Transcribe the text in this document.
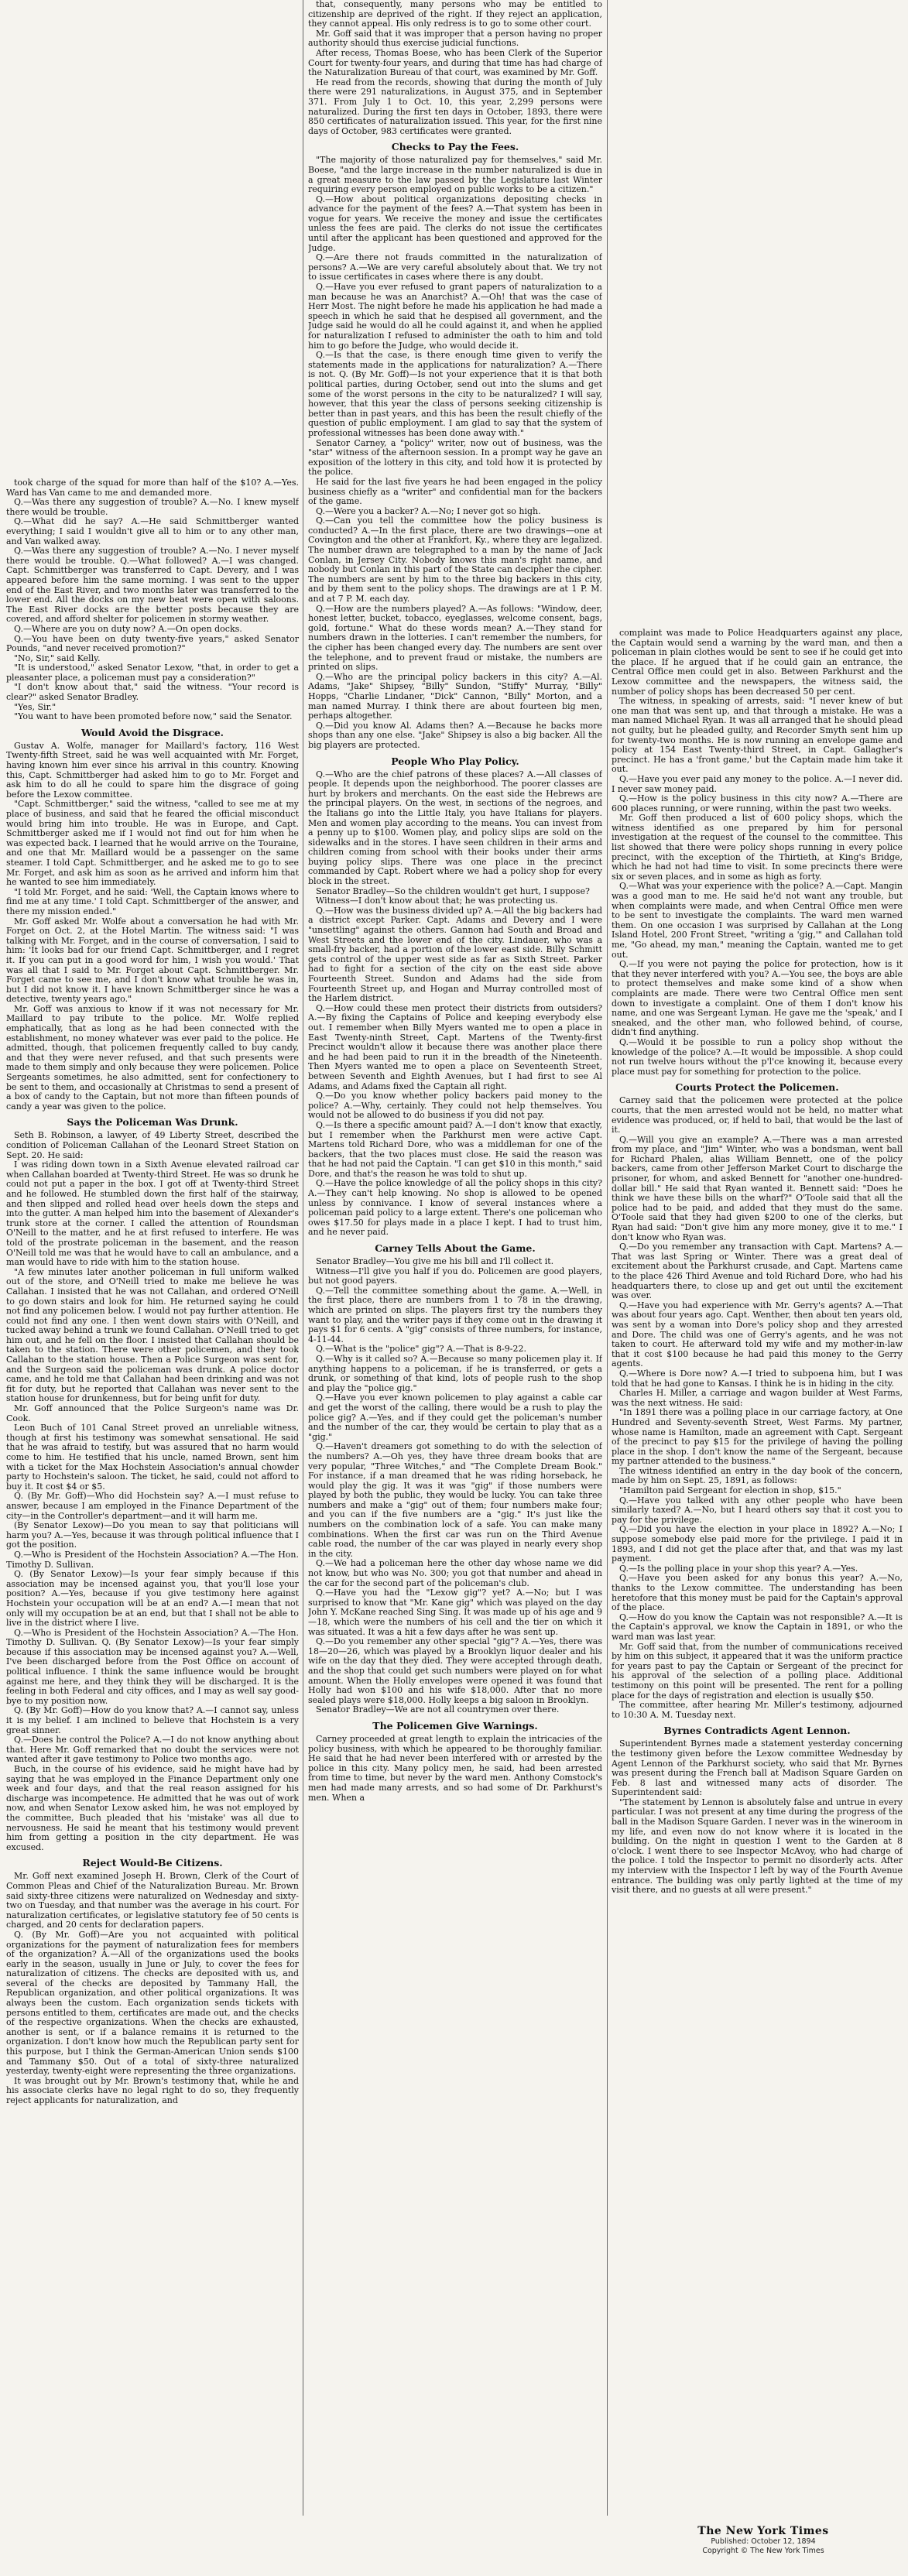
took charge of the squad for more than half of the $10? A.—Yes. Ward has Van came to me and demanded more.

Q.—Was there any suggestion of trouble? A.—No. I knew myself there would be trouble.

Q.—What did he say? A.—He said Schmittberger wanted everything; I said I wouldn't give all to him or to any other man, and Van walked away.

Q.—Was there any suggestion of trouble? A.—No. I never myself there would be trouble. Q.—What followed? A.—I was changed. Capt. Schmittberger was transferred to Capt. Devery, and I was appeared before him the same morning. I was sent to the upper end of the East River, and two months later was transferred to the lower end. All the docks on my new beat were open with saloons. The East River docks are the better posts because they are covered, and afford shelter for policemen in stormy weather.

Q.—Where are you on duty now? A.—On open docks.

Q.—You have been on duty twenty-five years," asked Senator Pounds, "and never received promotion?"

"No, Sir," said Kelly.

"It is understood," asked Senator Lexow, "that, in order to get a pleasanter place, a policeman must pay a consideration?"

"I don't know about that," said the witness. "Your record is clear?" asked Senator Bradley.

"Yes, Sir."

"You want to have been promoted before now," said the Senator.

Would Avoid the Disgrace.

Gustav A. Wolfe, manager for Maillard's factory, 116 West Twenty-fifth Street, said he was well acquainted with Mr. Forget, having known him ever since his arrival in this country. Knowing this, Capt. Schmittberger had asked him to go to Mr. Forget and ask him to do all he could to spare him the disgrace of going before the Lexow committee.

"Capt. Schmittberger," said the witness, "called to see me at my place of business, and said that he feared the official misconduct would bring him into trouble. He was in Europe, and Capt. Schmittberger asked me if I would not find out for him when he was expected back. I learned that he would arrive on the Touraine, and one that Mr. Maillard would be a passenger on the same steamer. I told Capt. Schmittberger, and he asked me to go to see Mr. Forget, and ask him as soon as he arrived and inform him that he wanted to see him immediately.

"I told Mr. Forget, and he said: 'Well, the Captain knows where to find me at any time.' I told Capt. Schmittberger of the answer, and there my mission ended."

Mr. Goff asked Mr. Wolfe about a conversation he had with Mr. Forget on Oct. 2, at the Hotel Martin. The witness said: "I was talking with Mr. Forget, and in the course of conversation, I said to him: 'It looks bad for our friend Capt. Schmittberger, and I regret it. If you can put in a good word for him, I wish you would.' That was all that I said to Mr. Forget about Capt. Schmittberger. Mr. Forget came to see me, and I don't know what trouble he was in, but I did not know it. I have known Schmittberger since he was a detective, twenty years ago."

Mr. Goff was anxious to know if it was not necessary for Mr. Maillard to pay tribute to the police. Mr. Wolfe replied emphatically, that as long as he had been connected with the establishment, no money whatever was ever paid to the police. He admitted, though, that policemen frequently called to buy candy, and that they were never refused, and that such presents were made to them simply and only because they were policemen. Police Sergeants sometimes, he also admitted, sent for confectionery to be sent to them, and occasionally at Christmas to send a present of a box of candy to the Captain, but not more than fifteen pounds of candy a year was given to the police.

Says the Policeman Was Drunk.

Seth B. Robinson, a lawyer, of 49 Liberty Street, described the condition of Policeman Callahan of the Leonard Street Station on Sept. 20. He said:

I was riding down town in a Sixth Avenue elevated railroad car when Callahan boarded at Twenty-third Street. He was so drunk he could not put a paper in the box. I got off at Twenty-third Street and he followed. He stumbled down the first half of the stairway, and then slipped and rolled head over heels down the steps and into the gutter. A man helped him into the basement of Alexander's trunk store at the corner. I called the attention of Roundsman O'Neill to the matter, and he at first refused to interfere. He was told of the prostrate policeman in the basement, and the reason O'Neill told me was that he would have to call an ambulance, and a man would have to ride with him to the station house.

"A few minutes later another policeman in full uniform walked out of the store, and O'Neill tried to make me believe he was Callahan. I insisted that he was not Callahan, and ordered O'Neill to go down stairs and look for him. He returned saying he could not find any policemen below. I would not pay further attention. He could not find any one. I then went down stairs with O'Neill, and tucked away behind a trunk we found Callahan. O'Neill tried to get him out, and he fell on the floor. I insisted that Callahan should be taken to the station. There were other policemen, and they took Callahan to the station house. Then a Police Surgeon was sent for, and the Surgeon said the policeman was drunk. A police doctor came, and he told me that Callahan had been drinking and was not fit for duty, but he reported that Callahan was never sent to the station house for drunkenness, but for being unfit for duty.

Mr. Goff announced that the Police Surgeon's name was Dr. Cook.

Leon Buch of 101 Canal Street proved an unreliable witness, though at first his testimony was somewhat sensational. He said that he was afraid to testify, but was assured that no harm would come to him. He testified that his uncle, named Brown, sent him with a ticket for the Max Hochstein Association's annual chowder party to Hochstein's saloon. The ticket, he said, could not afford to buy it. It cost $4 or $5.

Q. (By Mr. Goff)—Who did Hochstein say? A.—I must refuse to answer, because I am employed in the Finance Department of the city—in the Controller's department—and it will harm me.

(By Senator Lexow)—Do you mean to say that politicians will harm you? A.—Yes, because it was through political influence that I got the position.

Q.—Who is President of the Hochstein Association? A.—The Hon. Timothy D. Sullivan.

Q. (By Senator Lexow)—Is your fear simply because if this association may be incensed against you, that you'll lose your position? A.—Yes, because if you give testimony here against Hochstein your occupation will be at an end? A.—I mean that not only will my occupation be at an end, but that I shall not be able to live in the district where I live.

Q.—Who is President of the Hochstein Association? A.—The Hon. Timothy D. Sullivan. Q. (By Senator Lexow)—Is your fear simply because if this association may be incensed against you? A.—Well, I've been discharged before from the Post Office on account of political influence. I think the same influence would be brought against me here, and they think they will be discharged. It is the feeling in both Federal and city offices, and I may as well say good-bye to my position now.

Q. (By Mr. Goff)—How do you know that? A.—I cannot say, unless it is my belief. I am inclined to believe that Hochstein is a very great sinner.

Q.—Does he control the Police? A.—I do not know anything about that. Here Mr. Goff remarked that no doubt the services were not wanted after it gave testimony to Police two months ago.

Buch, in the course of his evidence, said he might have had by saying that he was employed in the Finance Department only one week and four days, and that the real reason assigned for his discharge was incompetence. He admitted that he was out of work now, and when Senator Lexow asked him, he was not employed by the committee, Buch pleaded that his 'mistake' was all due to nervousness. He said he meant that his testimony would prevent him from getting a position in the city department. He was excused.

Reject Would-Be Citizens.

Mr. Goff next examined Joseph H. Brown, Clerk of the Court of Common Pleas and Chief of the Naturalization Bureau. Mr. Brown said sixty-three citizens were naturalized on Wednesday and sixty-two on Tuesday, and that number was the average in his court. For naturalization certificates, or legislative statutory fee of 50 cents is charged, and 20 cents for declaration papers.

Q. (By Mr. Goff)—Are you not acquainted with political organizations for the payment of naturalization fees for members of the organization? A.—All of the organizations used the books early in the season, usually in June or July, to cover the fees for naturalization of citizens. The checks are deposited with us, and several of the checks are deposited by Tammany Hall, the Republican organization, and other political organizations. It was always been the custom. Each organization sends tickets with persons entitled to them, certificates are made out, and the checks of the respective organizations. When the checks are exhausted, another is sent, or if a balance remains it is returned to the organization. I don't know how much the Republican party sent for this purpose, but I think the German-American Union sends $100 and Tammany $50. Out of a total of sixty-three naturalized yesterday, twenty-eight were representing the three organizations.

It was brought out by Mr. Brown's testimony that, while he and his associate clerks have no legal right to do so, they frequently reject applicants for naturalization, and

that, consequently, many persons who may be entitled to citizenship are deprived of the right. If they reject an application, they cannot appeal. His only redress is to go to some other court.

Mr. Goff said that it was improper that a person having no proper authority should thus exercise judicial functions.

After recess, Thomas Boese, who has been Clerk of the Superior Court for twenty-four years, and during that time has had charge of the Naturalization Bureau of that court, was examined by Mr. Goff.

He read from the records, showing that during the month of July there were 291 naturalizations, in August 375, and in September 371. From July 1 to Oct. 10, this year, 2,299 persons were naturalized. During the first ten days in October, 1893, there were 850 certificates of naturalization issued. This year, for the first nine days of October, 983 certificates were granted.

Checks to Pay the Fees.

"The majority of those naturalized pay for themselves," said Mr. Boese, "and the large increase in the number naturalized is due in a great measure to the law passed by the Legislature last Winter requiring every person employed on public works to be a citizen."

Q.—How about political organizations depositing checks in advance for the payment of the fees? A.—That system has been in vogue for years. We receive the money and issue the certificates unless the fees are paid. The clerks do not issue the certificates until after the applicant has been questioned and approved for the Judge.

Q.—Are there not frauds committed in the naturalization of persons? A.—We are very careful absolutely about that. We try not to issue certificates in cases where there is any doubt.

Q.—Have you ever refused to grant papers of naturalization to a man because he was an Anarchist? A.—Oh! that was the case of Herr Most. The night before he made his application he had made a speech in which he said that he despised all government, and the Judge said he would do all he could against it, and when he applied for naturalization I refused to administer the oath to him and told him to go before the Judge, who would decide it.

Q.—Is that the case, is there enough time given to verify the statements made in the applications for naturalization? A.—There is not. Q. (By Mr. Goff)—Is not your experience that it is that both political parties, during October, send out into the slums and get some of the worst persons in the city to be naturalized? I will say, however, that this year the class of persons seeking citizenship is better than in past years, and this has been the result chiefly of the question of public employment. I am glad to say that the system of professional witnesses has been done away with."

Senator Carney, a "policy" writer, now out of business, was the "star" witness of the afternoon session. In a prompt way he gave an exposition of the lottery in this city, and told how it is protected by the police.

He said for the last five years he had been engaged in the policy business chiefly as a "writer" and confidential man for the backers of the game.

Q.—Were you a backer? A.—No; I never got so high.

Q.—Can you tell the committee how the policy business is conducted? A.—In the first place, there are two drawings—one at Covington and the other at Frankfort, Ky., where they are legalized. The number drawn are telegraphed to a man by the name of Jack Conlan, in Jersey City. Nobody knows this man's right name, and nobody but Conlan in this part of the State can decipher the cipher. The numbers are sent by him to the three big backers in this city, and by them sent to the policy shops. The drawings are at 1 P. M. and at 7 P. M. each day.

Q.—How are the numbers played? A.—As follows: "Window, deer, honest letter, bucket, tobacco, eyeglasses, welcome consent, bags, gold, fortune." What do these words mean? A.—They stand for numbers drawn in the lotteries. I can't remember the numbers, for the cipher has been changed every day. The numbers are sent over the telephone, and to prevent fraud or mistake, the numbers are printed on slips.

Q.—Who are the principal policy backers in this city? A.—Al. Adams, "Jake" Shipsey, "Billy" Sundon, "Stiffy" Murray, "Billy" Hopps, "Charlie Lindaner, "Dick" Cannon, "Billy" Morton, and a man named Murray. I think there are about fourteen big men, perhaps altogether.

Q.—Did you know Al. Adams then? A.—Because he backs more shops than any one else. "Jake" Shipsey is also a big backer. All the big players are protected.

People Who Play Policy.

Q.—Who are the chief patrons of these places? A.—All classes of people. It depends upon the neighborhood. The poorer classes are hurt by brokers and merchants. On the east side the Hebrews are the principal players. On the west, in sections of the negroes, and the Italians go into the Little Italy, you have Italians for players. Men and women play according to the means. You can invest from a penny up to $100. Women play, and policy slips are sold on the sidewalks and in the stores. I have seen children in their arms and children coming from school with their books under their arms buying policy slips. There was one place in the precinct commanded by Capt. Robert where we had a policy shop for every block in the street.

Senator Bradley—So the children wouldn't get hurt, I suppose?

Witness—I don't know about that; he was protecting us.

Q.—How was the business divided up? A.—All the big backers had a district except Parker. Capt. Adams and Devery and I were "unsettling" against the others. Gannon had South and Broad and West Streets and the lower end of the city. Lindauer, who was a small-fry backer, had a portion of the lower east side. Billy Schmitt gets control of the upper west side as far as Sixth Street. Parker had to fight for a section of the city on the east side above Fourteenth Street. Sundon and Adams had the side from Fourteenth Street up, and Hogan and Murray controlled most of the Harlem district.

Q.—How could these men protect their districts from outsiders? A.—By fixing the Captains of Police and keeping everybody else out. I remember when Billy Myers wanted me to open a place in East Twenty-ninth Street, Capt. Martens of the Twenty-first Precinct wouldn't allow it because there was another place there and he had been paid to run it in the breadth of the Nineteenth. Then Myers wanted me to open a place on Seventeenth Street, between Seventh and Eighth Avenues, but I had first to see Al Adams, and Adams fixed the Captain all right.

Q.—Do you know whether policy backers paid money to the police? A.—Why, certainly. They could not help themselves. You would not be allowed to do business if you did not pay.

Q.—Is there a specific amount paid? A.—I don't know that exactly, but I remember when the Parkhurst men were active Capt. Martens told Richard Dore, who was a middleman for one of the backers, that the two places must close. He said the reason was that he had not paid the Captain. "I can get $10 in this month," said Dore, and that's the reason he was told to shut up.

Q.—Have the police knowledge of all the policy shops in this city? A.—They can't help knowing. No shop is allowed to be opened unless by connivance. I know of several instances where a policeman paid policy to a large extent. There's one policeman who owes $17.50 for plays made in a place I kept. I had to trust him, and he never paid.

Carney Tells About the Game.

Senator Bradley—You give me his bill and I'll collect it.

Witness—I'll give you half if you do. Policemen are good players, but not good payers.

Q.—Tell the committee something about the game. A.—Well, in the first place, there are numbers from 1 to 78 in the drawing, which are printed on slips. The players first try the numbers they want to play, and the writer pays if they come out in the drawing it pays $1 for 6 cents. A "gig" consists of three numbers, for instance, 4-11-44.

Q.—What is the "police" gig"? A.—That is 8-9-22.

Q.—Why is it called so? A.—Because so many policemen play it. If anything happens to a policeman, if he is transferred, or gets a drunk, or something of that kind, lots of people rush to the shop and play the "police gig."

Q.—Have you ever known policemen to play against a cable car and get the worst of the calling, there would be a rush to play the police gig? A.—Yes, and if they could get the policeman's number and the number of the car, they would be certain to play that as a "gig."

Q.—Haven't dreamers got something to do with the selection of the numbers? A.—Oh yes, they have three dream books that are very popular, "Three Witches," and "The Complete Dream Book." For instance, if a man dreamed that he was riding horseback, he would play the gig. It was it was "gig" if those numbers were played by both the public, they would be lucky. You can take three numbers and make a "gig" out of them; four numbers make four; and you can if the five numbers are a "gig." It's just like the numbers on the combination lock of a safe. You can make many combinations. When the first car was run on the Third Avenue cable road, the number of the car was played in nearly every shop in the city.

Q.—We had a policeman here the other day whose name we did not know, but who was No. 300; you got that number and ahead in the car for the second part of the policeman's club.

Q.—Have you had the "Lexow gig"? yet? A.—No; but I was surprised to know that "Mr. Kane gig" which was played on the day John Y. McKane reached Sing Sing. It was made up of his age and 9—18, which were the numbers of his cell and the tier on which it was situated. It was a hit a few days after he was sent up.

Q.—Do you remember any other special "gig"? A.—Yes, there was 18—20—26, which was played by a Brooklyn liquor dealer and his wife on the day that they died. They were accepted through death, and the shop that could get such numbers were played on for what amount. When the Holly envelopes were opened it was found that Holly had won $100 and his wife $18,000. After that no more sealed plays were $18,000. Holly keeps a big saloon in Brooklyn.

Senator Bradley—We are not all countrymen over there.

The Policemen Give Warnings.

Carney proceeded at great length to explain the intricacies of the policy business, with which he appeared to be thoroughly familiar. He said that he had never been interfered with or arrested by the police in this city. Many policy men, he said, had been arrested from time to time, but never by the ward men. Anthony Comstock's men had made many arrests, and so had some of Dr. Parkhurst's men. When a

complaint was made to Police Headquarters against any place, the Captain would send a warning by the ward man, and then a policeman in plain clothes would be sent to see if he could get into the place. If he argued that if he could gain an entrance, the Central Office men could get in also. Between Parkhurst and the Lexow committee and the newspapers, the witness said, the number of policy shops has been decreased 50 per cent.

The witness, in speaking of arrests, said: "I never knew of but one man that was sent up, and that through a mistake. He was a man named Michael Ryan. It was all arranged that he should plead not guilty, but he pleaded guilty, and Recorder Smyth sent him up for twenty-two months. He is now running an envelope game and policy at 154 East Twenty-third Street, in Capt. Gallagher's precinct. He has a 'front game,' but the Captain made him take it out.

Q.—Have you ever paid any money to the police. A.—I never did. I never saw money paid.

Q.—How is the policy business in this city now? A.—There are 600 places running, or were running, within the past two weeks.

Mr. Goff then produced a list of 600 policy shops, which the witness identified as one prepared by him for personal investigation at the request of the counsel to the committee. This list showed that there were policy shops running in every police precinct, with the exception of the Thirtieth, at King's Bridge, which he had not had time to visit. In some precincts there were six or seven places, and in some as high as forty.

Q.—What was your experience with the police? A.—Capt. Mangin was a good man to me. He said he'd not want any trouble, but when complaints were made, and when Central Office men were to be sent to investigate the complaints. The ward men warned them. On one occasion I was surprised by Callahan at the Long Island Hotel, 200 Front Street, "writing a 'gig,'" and Callahan told me, "Go ahead, my man," meaning the Captain, wanted me to get out.

Q.—If you were not paying the police for protection, how is it that they never interfered with you? A.—You see, the boys are able to protect themselves and make some kind of a show when complaints are made. There were two Central Office men sent down to investigate a complaint. One of them I don't know his name, and one was Sergeant Lyman. He gave me the 'speak,' and I sneaked, and the other man, who followed behind, of course, didn't find anything.

Q.—Would it be possible to run a policy shop without the knowledge of the police? A.—It would be impossible. A shop could not run twelve hours without the p'l'ce knowing it, because every place must pay for something for protection to the police.

Courts Protect the Policemen.

Carney said that the policemen were protected at the police courts, that the men arrested would not be held, no matter what evidence was produced, or, if held to bail, that would be the last of it.

Q.—Will you give an example? A.—There was a man arrested from my place, and "Jim" Winter, who was a bondsman, went ball for Richard Phalen, alias William Bennett, one of the policy backers, came from other Jefferson Market Court to discharge the prisoner, for whom, and asked Bennett for "another one-hundred-dollar bill." He said that Ryan wanted it. Bennett said: "Does he think we have these bills on the wharf?" O'Toole said that all the police had to be paid, and added that they must do the same. O'Toole said that they had given $200 to one of the clerks, but Ryan had said: "Don't give him any more money, give it to me." I don't know who Ryan was.

Q.—Do you remember any transaction with Capt. Martens? A.—That was last Spring or Winter. There was a great deal of excitement about the Parkhurst crusade, and Capt. Martens came to the place 426 Third Avenue and told Richard Dore, who had his headquarters there, to close up and get out until the excitement was over.

Q.—Have you had experience with Mr. Gerry's agents? A.—That was about four years ago. Capt. Wenther, then about ten years old, was sent by a woman into Dore's policy shop and they arrested and Dore. The child was one of Gerry's agents, and he was not taken to court. He afterward told my wife and my mother-in-law that it cost $100 because he had paid this money to the Gerry agents.

Q.—Where is Dore now? A.—I tried to subpoena him, but I was told that he had gone to Kansas. I think he is in hiding in the city.

Charles H. Miller, a carriage and wagon builder at West Farms, was the next witness. He said:

"In 1891 there was a polling place in our carriage factory, at One Hundred and Seventy-seventh Street, West Farms. My partner, whose name is Hamilton, made an agreement with Capt. Sergeant of the precinct to pay $15 for the privilege of having the polling place in the shop. I don't know the name of the Sergeant, because my partner attended to the business."

The witness identified an entry in the day book of the concern, made by him on Sept. 25, 1891, as follows:

"Hamilton paid Sergeant for election in shop, $15."

Q.—Have you talked with any other people who have been similarly taxed? A.—No, but I heard others say that it cost you to pay for the privilege.

Q.—Did you have the election in your place in 1892? A.—No; I suppose somebody else paid more for the privilege. I paid it in 1893, and I did not get the place after that, and that was my last payment.

Q.—Is the polling place in your shop this year? A.—Yes.

Q.—Have you been asked for any bonus this year? A.—No, thanks to the Lexow committee. The understanding has been heretofore that this money must be paid for the Captain's approval of the place.

Q.—How do you know the Captain was not responsible? A.—It is the Captain's approval, we know the Captain in 1891, or who the ward man was last year.

Mr. Goff said that, from the number of communications received by him on this subject, it appeared that it was the uniform practice for years past to pay the Captain or Sergeant of the precinct for his approval of the selection of a polling place. Additional testimony on this point will be presented. The rent for a polling place for the days of registration and election is usually $50.

The committee, after hearing Mr. Miller's testimony, adjourned to 10:30 A. M. Tuesday next.

Byrnes Contradicts Agent Lennon.

Superintendent Byrnes made a statement yesterday concerning the testimony given before the Lexow committee Wednesday by Agent Lennon of the Parkhurst society, who said that Mr. Byrnes was present during the French ball at Madison Square Garden on Feb. 8 last and witnessed many acts of disorder. The Superintendent said:

"The statement by Lennon is absolutely false and untrue in every particular. I was not present at any time during the progress of the ball in the Madison Square Garden. I never was in the wineroom in my life, and even now do not know where it is located in the building. On the night in question I went to the Garden at 8 o'clock. I went there to see Inspector McAvoy, who had charge of the police. I told the Inspector to permit no disorderly acts. After my interview with the Inspector I left by way of the Fourth Avenue entrance. The building was only partly lighted at the time of my visit there, and no guests at all were present."

The New York Times
Published: October 12, 1894
Copyright © The New York Times
